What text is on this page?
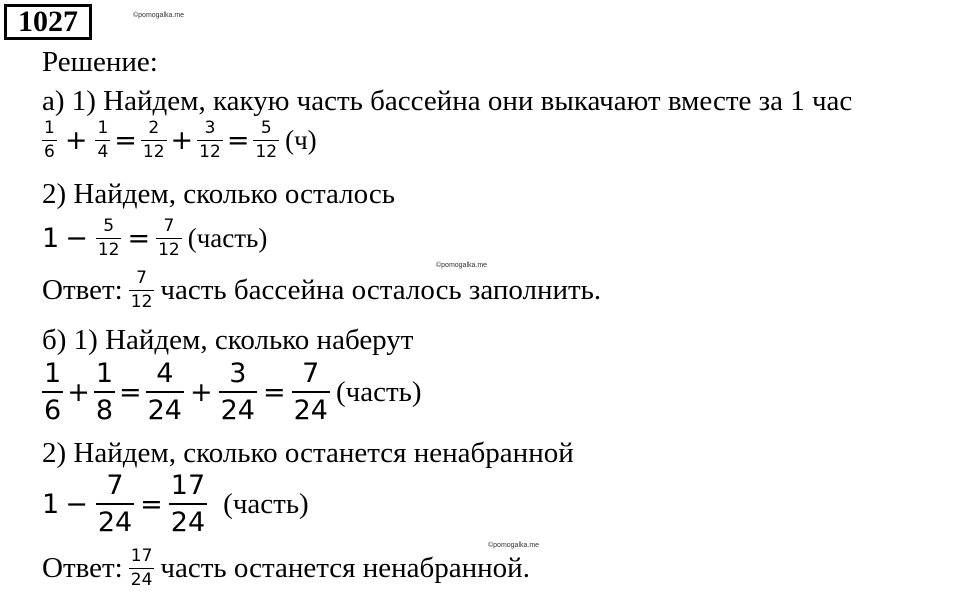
1027	©pomogalka.me
©pomogalka.me
©pomogalka.me
Решение:
а) 1) Найдем, какую часть бассейна они выкачают вместе за 1 час
$\frac{1}{6} + \frac{1}{4} = \frac{2}{12} + \frac{3}{12} = \frac{5}{12} (ч)$
2) Найдем, сколько осталось
$1 - \frac{5}{12} = \frac{7}{12}$ (часть)
Ответ: $\frac{7}{12}$ часть бассейна осталось заполнить.
б) 1) Найдем, сколько наберут
$\frac{1}{6} + \frac{1}{8} = \frac{4}{24} + \frac{3}{24} = \frac{7}{24}$ (часть)
2) Найдем, сколько останется ненабранной
$1 - \frac{7}{24} = \frac{17}{24}$ (часть)
Ответ: $\frac{17}{24}$ часть останется ненабранной.
